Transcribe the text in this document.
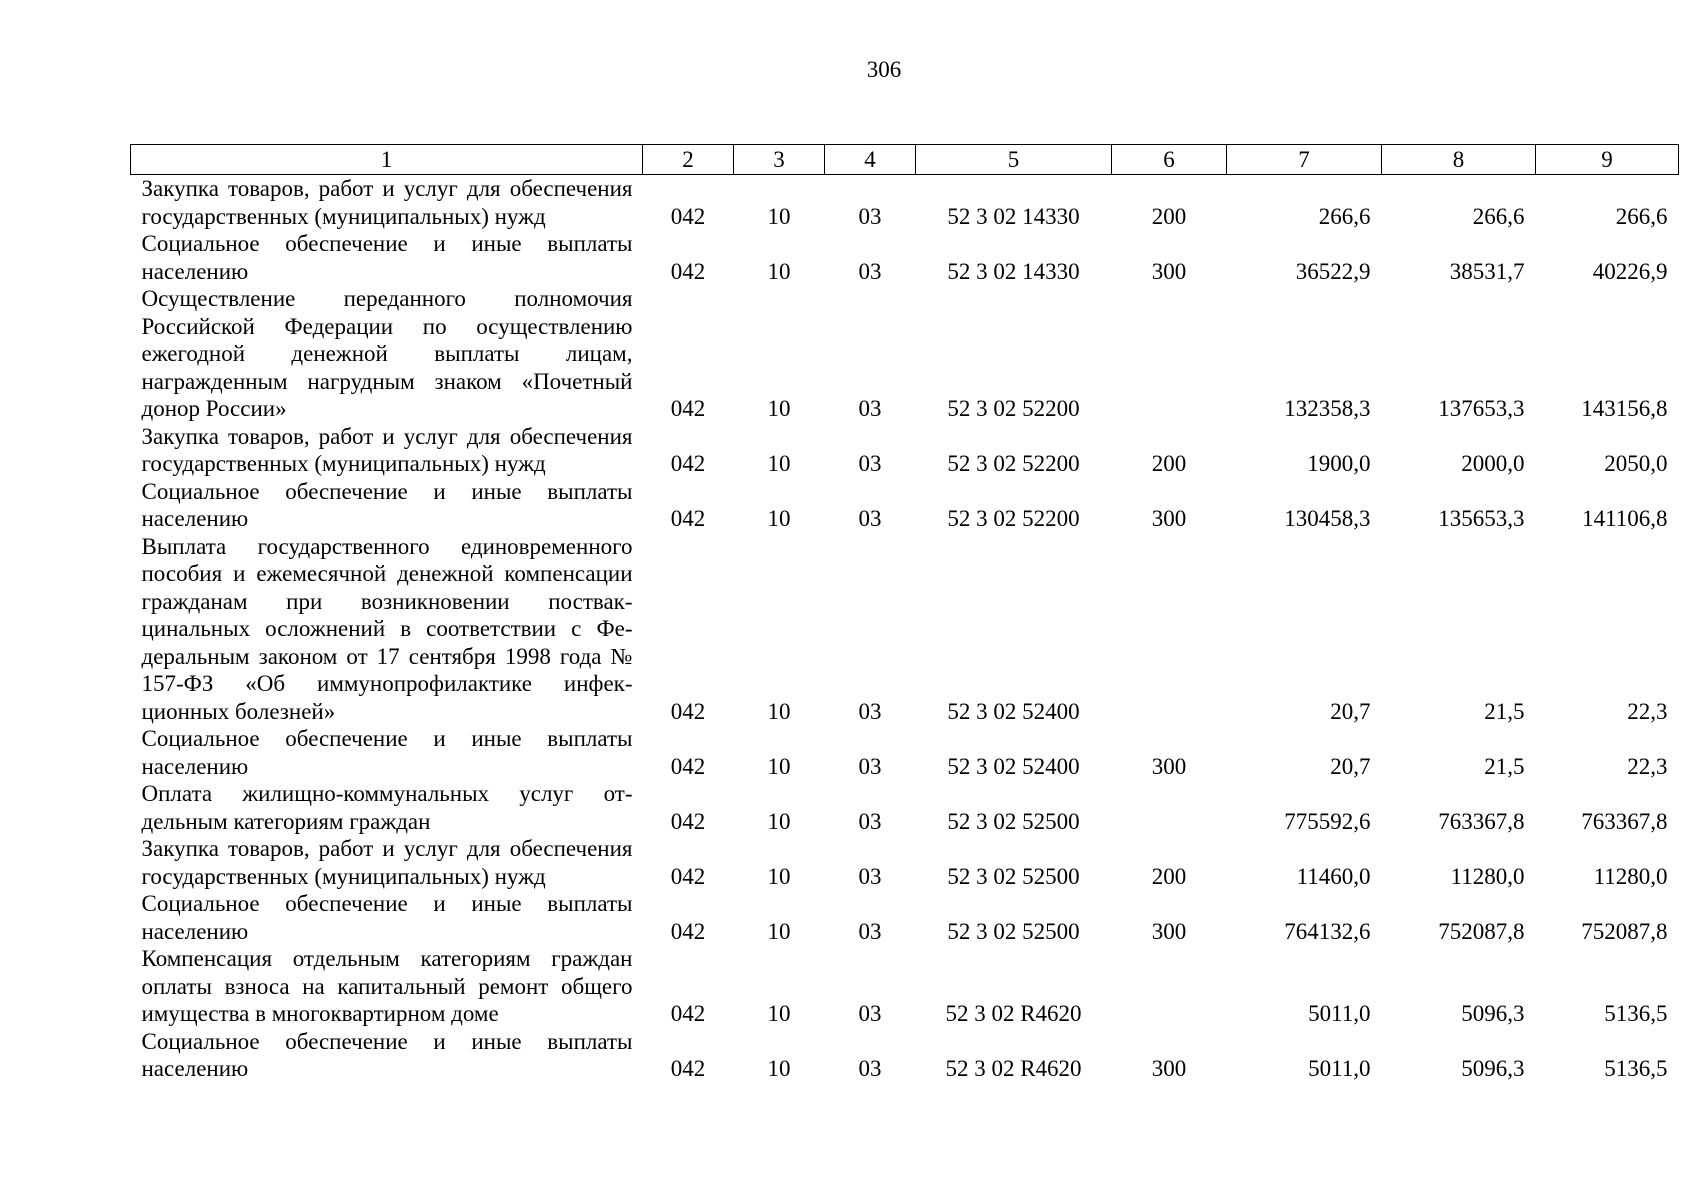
306
1	2	3	4	5	6	7	8	9
Закупка товаров, работ и услуг для обеспечения государственных (муниципальных) нужд	042	10	03	52 3 02 14330	200	266,6	266,6	266,6
Социальное обеспечение и иные выплаты населению	042	10	03	52 3 02 14330	300	36522,9	38531,7	40226,9
Осуществление переданного полномочия Российской Федерации по осуществлению ежегодной денежной выплаты лицам, награжденным нагрудным знаком «Почетный донор России»	042	10	03	52 3 02 52200		132358,3	137653,3	143156,8
Закупка товаров, работ и услуг для обеспечения государственных (муниципальных) нужд	042	10	03	52 3 02 52200	200	1900,0	2000,0	2050,0
Социальное обеспечение и иные выплаты населению	042	10	03	52 3 02 52200	300	130458,3	135653,3	141106,8
Выплата государственного единовременного пособия и ежемесячной денежной компенсации гражданам при возникновении поствакцинальных осложнений в соответствии с Федеральным законом от 17 сентября 1998 года № 157-ФЗ «Об иммунопрофилактике инфекционных болезней»	042	10	03	52 3 02 52400		20,7	21,5	22,3
Социальное обеспечение и иные выплаты населению	042	10	03	52 3 02 52400	300	20,7	21,5	22,3
Оплата жилищно-коммунальных услуг отдельным категориям граждан	042	10	03	52 3 02 52500		775592,6	763367,8	763367,8
Закупка товаров, работ и услуг для обеспечения государственных (муниципальных) нужд	042	10	03	52 3 02 52500	200	11460,0	11280,0	11280,0
Социальное обеспечение и иные выплаты населению	042	10	03	52 3 02 52500	300	764132,6	752087,8	752087,8
Компенсация отдельным категориям граждан оплаты взноса на капитальный ремонт общего имущества в многоквартирном доме	042	10	03	52 3 02 R4620		5011,0	5096,3	5136,5
Социальное обеспечение и иные выплаты населению	042	10	03	52 3 02 R4620	300	5011,0	5096,3	5136,5
